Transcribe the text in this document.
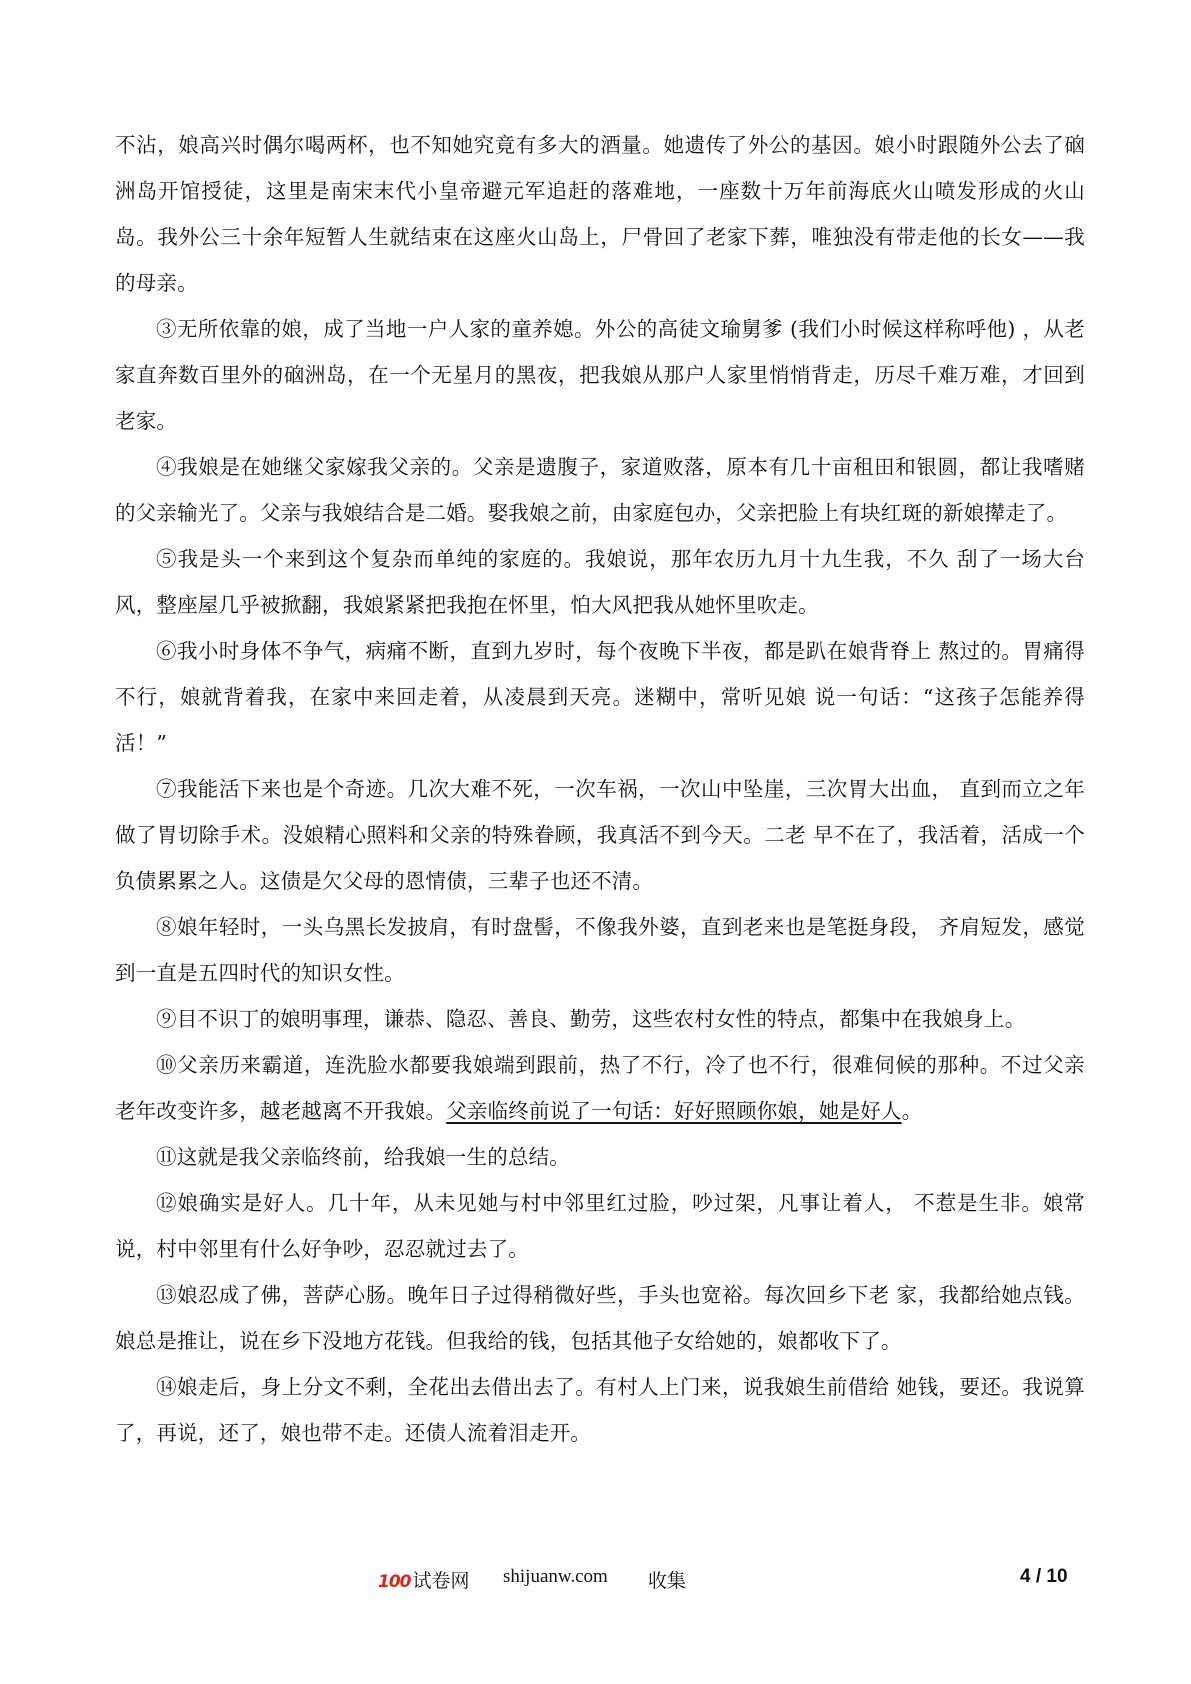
不沾，娘高兴时偶尔喝两杯，也不知她究竟有多大的酒量。她遗传了外公的基因。娘小时跟随外公去了硇洲岛开馆授徒，这里是南宋末代小皇帝避元军追赶的落难地，一座数十万年前海底火山喷发形成的火山岛。我外公三十余年短暂人生就结束在这座火山岛上，尸骨回了老家下葬，唯独没有带走他的长女——我的母亲。

③无所依靠的娘，成了当地一户人家的童养媳。外公的高徒文瑜舅爹 (我们小时候这样称呼他) ，从老家直奔数百里外的硇洲岛，在一个无星月的黑夜，把我娘从那户人家里悄悄背走，历尽千难万难，才回到老家。

④我娘是在她继父家嫁我父亲的。父亲是遗腹子，家道败落，原本有几十亩租田和银圆，都让我嗜赌的父亲输光了。父亲与我娘结合是二婚。娶我娘之前，由家庭包办，父亲把脸上有块红斑的新娘撵走了。

⑤我是头一个来到这个复杂而单纯的家庭的。我娘说，那年农历九月十九生我，不久 刮了一场大台风，整座屋几乎被掀翻，我娘紧紧把我抱在怀里，怕大风把我从她怀里吹走。

⑥我小时身体不争气，病痛不断，直到九岁时，每个夜晚下半夜，都是趴在娘背脊上 熬过的。胃痛得不行，娘就背着我，在家中来回走着，从凌晨到天亮。迷糊中，常听见娘 说一句话：“这孩子怎能养得活！”

⑦我能活下来也是个奇迹。几次大难不死，一次车祸，一次山中坠崖，三次胃大出血， 直到而立之年做了胃切除手术。没娘精心照料和父亲的特殊眷顾，我真活不到今天。二老 早不在了，我活着，活成一个负债累累之人。这债是欠父母的恩情债，三辈子也还不清。

⑧娘年轻时，一头乌黑长发披肩，有时盘髻，不像我外婆，直到老来也是笔挺身段， 齐肩短发，感觉到一直是五四时代的知识女性。

⑨目不识丁的娘明事理，谦恭、隐忍、善良、勤劳，这些农村女性的特点，都集中在我娘身上。

⑩父亲历来霸道，连洗脸水都要我娘端到跟前，热了不行，冷了也不行，很难伺候的那种。不过父亲老年改变许多，越老越离不开我娘。父亲临终前说了一句话：好好照顾你娘，她是好人。

⑪这就是我父亲临终前，给我娘一生的总结。

⑫娘确实是好人。几十年，从未见她与村中邻里红过脸，吵过架，凡事让着人， 不惹是生非。娘常说，村中邻里有什么好争吵，忍忍就过去了。

⑬娘忍成了佛，菩萨心肠。晚年日子过得稍微好些，手头也宽裕。每次回乡下老 家，我都给她点钱。娘总是推让，说在乡下没地方花钱。但我给的钱，包括其他子女给她的，娘都收下了。

⑭娘走后，身上分文不剩，全花出去借出去了。有村人上门来，说我娘生前借给 她钱，要还。我说算了，再说，还了，娘也带不走。还债人流着泪走开。

100 试卷网 shijuanw.com 收集	4 / 10
